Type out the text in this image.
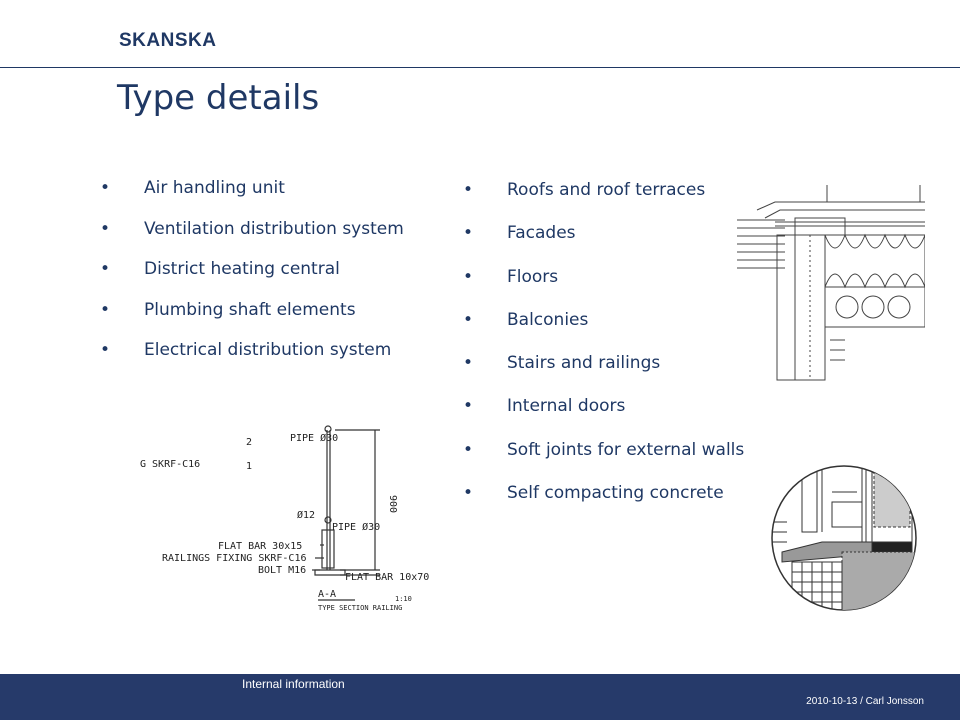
SKANSKA
Type details
• Air handling unit
• Ventilation distribution system
• District heating central
• Plumbing shaft elements
• Electrical distribution system
• Roofs and roof terraces
• Facades
• Floors
• Balconies
• Stairs and railings
• Internal doors
• Soft joints for external walls
• Self compacting concrete
PIPE Ø30
2
1
G SKRF-C16
900
Ø12
PIPE Ø30
FLAT BAR 30x15
RAILINGS FIXING SKRF-C16
BOLT M16
FLAT BAR 10x70
A-A	1:10
TYPE SECTION RAILING
Internal information
2010-10-13 / Carl Jonsson
